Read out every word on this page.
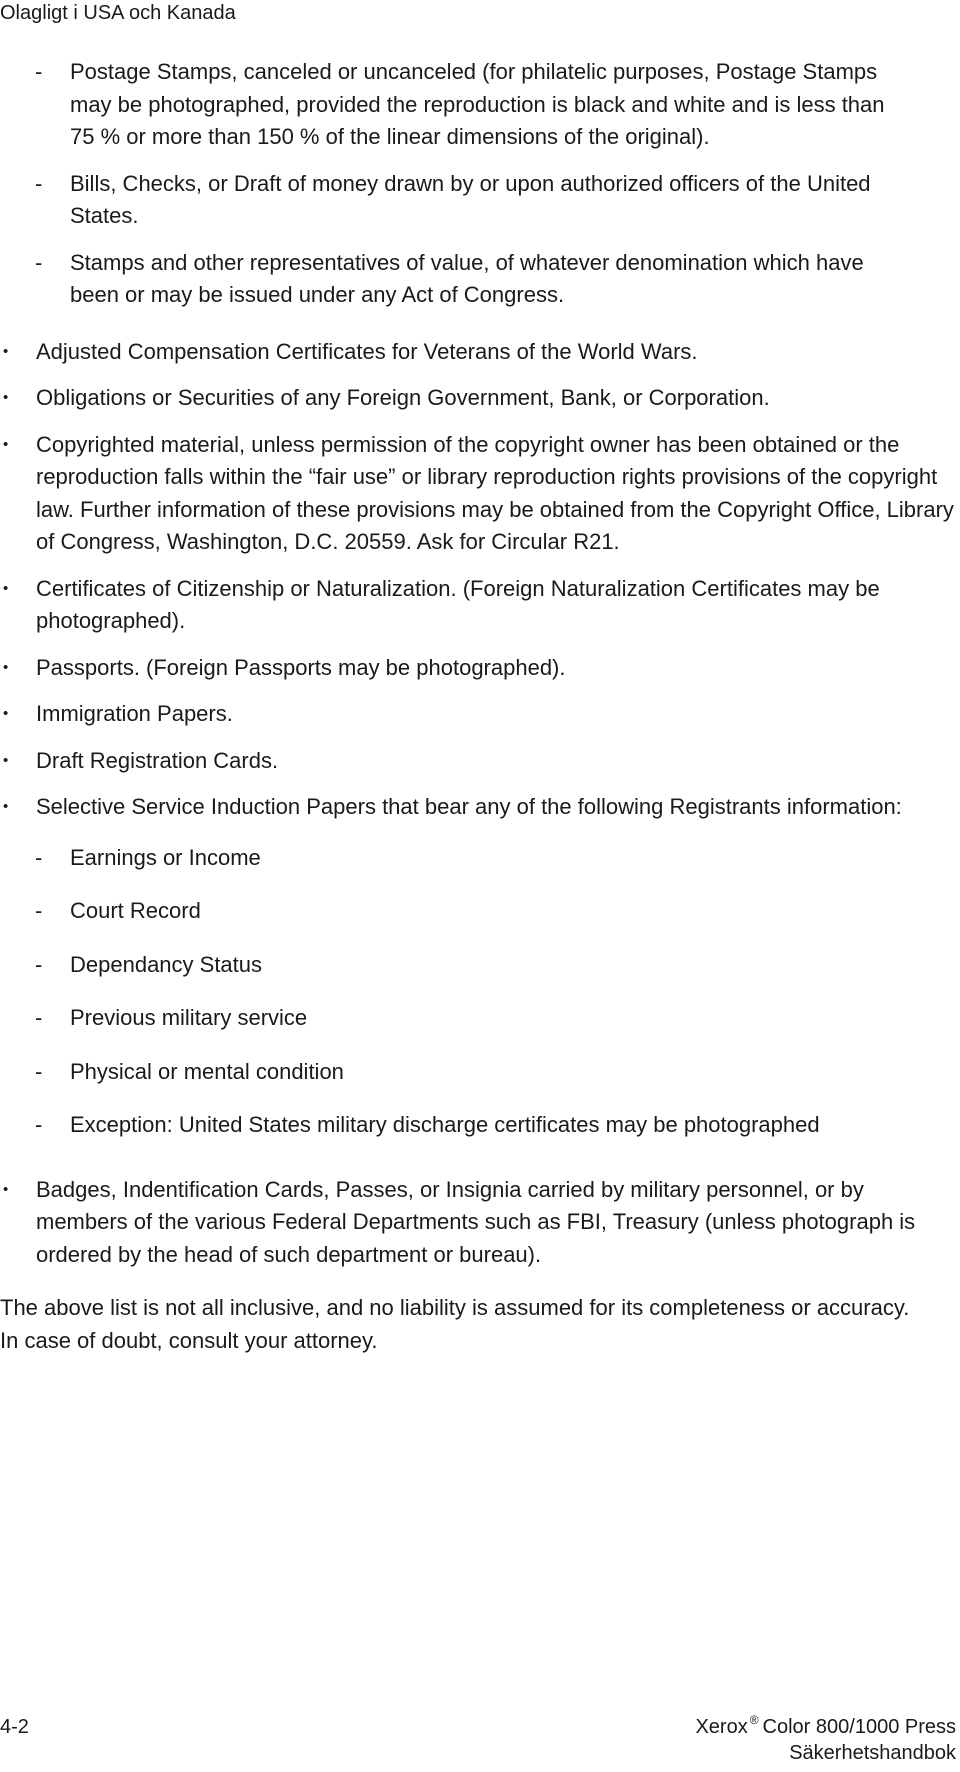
Olagligt i USA och Kanada
- Postage Stamps, canceled or uncanceled (for philatelic purposes, Postage Stamps may be photographed, provided the reproduction is black and white and is less than 75 % or more than 150 % of the linear dimensions of the original).
- Bills, Checks, or Draft of money drawn by or upon authorized officers of the United States.
- Stamps and other representatives of value, of whatever denomination which have been or may be issued under any Act of Congress.
• Adjusted Compensation Certificates for Veterans of the World Wars.
• Obligations or Securities of any Foreign Government, Bank, or Corporation.
• Copyrighted material, unless permission of the copyright owner has been obtained or the reproduction falls within the “fair use” or library reproduction rights provisions of the copyright law. Further information of these provisions may be obtained from the Copyright Office, Library of Congress, Washington, D.C. 20559. Ask for Circular R21.
• Certificates of Citizenship or Naturalization. (Foreign Naturalization Certificates may be photographed).
• Passports. (Foreign Passports may be photographed).
• Immigration Papers.
• Draft Registration Cards.
• Selective Service Induction Papers that bear any of the following Registrants information:
- Earnings or Income
- Court Record
- Dependancy Status
- Previous military service
- Physical or mental condition
- Exception: United States military discharge certificates may be photographed
• Badges, Indentification Cards, Passes, or Insignia carried by military personnel, or by members of the various Federal Departments such as FBI, Treasury (unless photograph is ordered by the head of such department or bureau).
The above list is not all inclusive, and no liability is assumed for its completeness or accuracy. In case of doubt, consult your attorney.
4-2	Xerox ® Color 800/1000 Press
Säkerhetshandbok
